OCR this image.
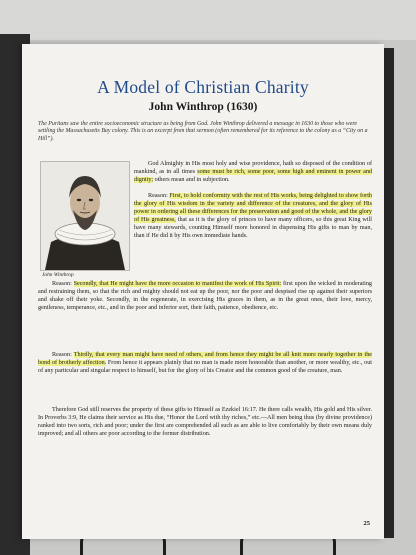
A Model of Christian Charity
John Winthrop (1630)
The Puritans saw the entire socioeconomic structure as being from God. John Winthrop delivered a message in 1630 to those who were settling the Massachusetts Bay colony. This is an excerpt from that sermon (often remembered for its reference to the colony as a “City on a Hill”).
John Winthrop
God Almighty in His most holy and wise providence, hath so disposed of the condition of mankind, as in all times some must be rich, some poor, some high and eminent in power and dignity; others mean and in subjection.
Reason: First, to hold conformity with the rest of His works, being delighted to show forth the glory of His wisdom in the variety and difference of the creatures, and the glory of His power in ordering all these differences for the preservation and good of the whole, and the glory of His greatness, that as it is the glory of princes to have many officers, so this great King will have many stewards, counting Himself more honored in dispensing His gifts to man by man, than if He did it by His own immediate hands.
Reason: Secondly, that He might have the more occasion to manifest the work of His Spirit: first upon the wicked in moderating and restraining them, so that the rich and mighty should not eat up the poor, nor the poor and despised rise up against their superiors and shake off their yoke. Secondly, in the regenerate, in exercising His graces in them, as in the great ones, their love, mercy, gentleness, temperance, etc., and in the poor and inferior sort, their faith, patience, obedience, etc.
Reason: Thirdly, that every man might have need of others, and from hence they might be all knit more nearly together in the bond of brotherly affection. From hence it appears plainly that no man is made more honorable than another, or more wealthy, etc., out of any particular and singular respect to himself, but for the glory of his Creator and the common good of the creature, man.
Therefore God still reserves the property of these gifts to Himself as Ezekiel 16:17. He there calls wealth, His gold and His silver. In Proverbs 3:9, He claims their service as His due, “Honor the Lord with thy riches,” etc.—All men being thus (by divine providence) ranked into two sorts, rich and poor; under the first are comprehended all such as are able to live comfortably by their own means duly improved; and all others are poor according to the former distribution.
25
